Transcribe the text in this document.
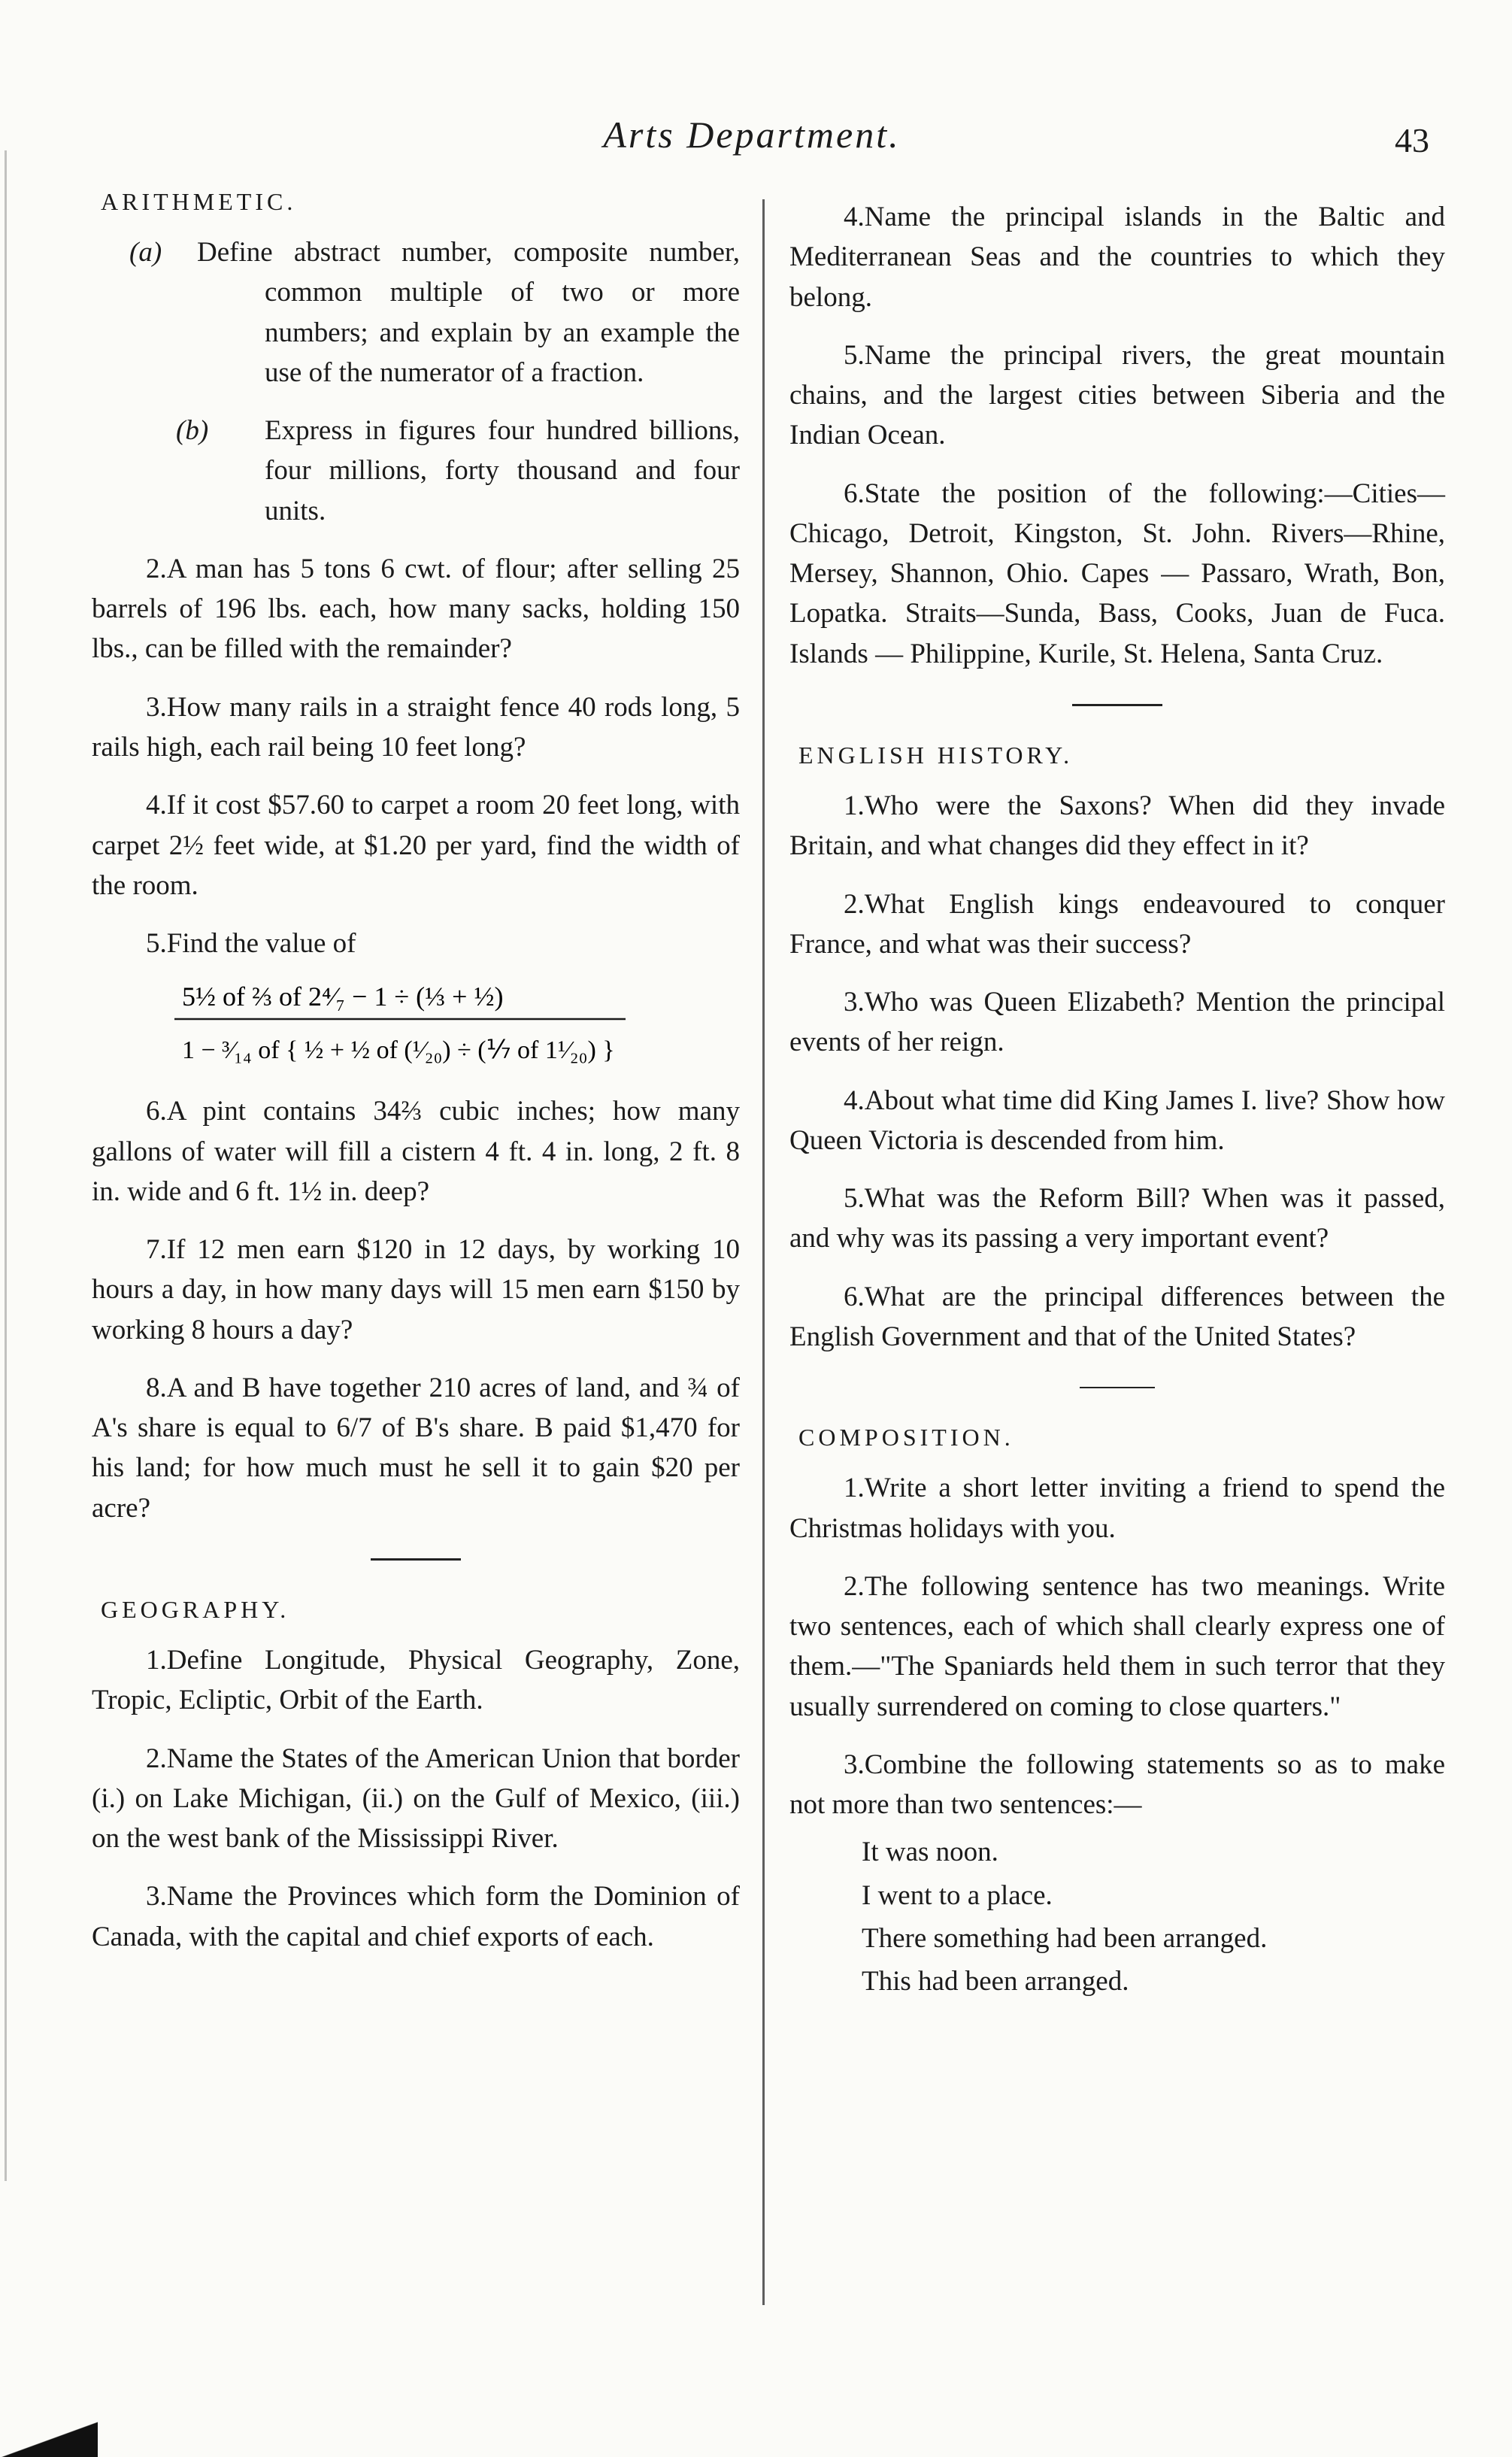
Arts Department.	43
ARITHMETIC.
(a) Define abstract number, composite number, common multiple of two or more numbers; and explain by an example the use of the numerator of a fraction.
(b) Express in figures four hundred billions, four millions, forty thousand and four units.

2.A man has 5 tons 6 cwt. of flour; after selling 25 barrels of 196 lbs. each, how many sacks, holding 150 lbs., can be filled with the remainder?

3.How many rails in a straight fence 40 rods long, 5 rails high, each rail being 10 feet long?

4.If it cost $57.60 to carpet a room 20 feet long, with carpet 2½ feet wide, at $1.20 per yard, find the width of the room.

5.Find the value of

5½ of ⅔ of 2⁴⁄₇ − 1 ÷ (⅓ + ½)
1 − ³⁄₁₄ of { ½ + ½ of (¹⁄₂₀) ÷ (⅐ of 1¹⁄₂₀) }

6.A pint contains 34⅔ cubic inches; how many gallons of water will fill a cistern 4 ft. 4 in. long, 2 ft. 8 in. wide and 6 ft. 1½ in. deep?

7.If 12 men earn $120 in 12 days, by working 10 hours a day, in how many days will 15 men earn $150 by working 8 hours a day?

8.A and B have together 210 acres of land, and ¾ of A's share is equal to 6/7 of B's share. B paid $1,470 for his land; for how much must he sell it to gain $20 per acre?

GEOGRAPHY.

1.Define Longitude, Physical Geography, Zone, Tropic, Ecliptic, Orbit of the Earth.

2.Name the States of the American Union that border (i.) on Lake Michigan, (ii.) on the Gulf of Mexico, (iii.) on the west bank of the Mississippi River.

3.Name the Provinces which form the Dominion of Canada, with the capital and chief exports of each.

4.Name the principal islands in the Baltic and Mediterranean Seas and the countries to which they belong.

5.Name the principal rivers, the great mountain chains, and the largest cities between Siberia and the Indian Ocean.

6.State the position of the following:—Cities—Chicago, Detroit, Kingston, St. John. Rivers—Rhine, Mersey, Shannon, Ohio. Capes — Passaro, Wrath, Bon, Lopatka. Straits—Sunda, Bass, Cooks, Juan de Fuca. Islands — Philippine, Kurile, St. Helena, Santa Cruz.

ENGLISH HISTORY.

1.Who were the Saxons? When did they invade Britain, and what changes did they effect in it?

2.What English kings endeavoured to conquer France, and what was their success?

3.Who was Queen Elizabeth? Mention the principal events of her reign.

4.About what time did King James I. live? Show how Queen Victoria is descended from him.

5.What was the Reform Bill? When was it passed, and why was its passing a very important event?

6.What are the principal differences between the English Government and that of the United States?

COMPOSITION.

1.Write a short letter inviting a friend to spend the Christmas holidays with you.

2.The following sentence has two meanings. Write two sentences, each of which shall clearly express one of them.—"The Spaniards held them in such terror that they usually surrendered on coming to close quarters."

3.Combine the following statements so as to make not more than two sentences:—

It was noon.

I went to a place.

There something had been arranged.

This had been arranged.
